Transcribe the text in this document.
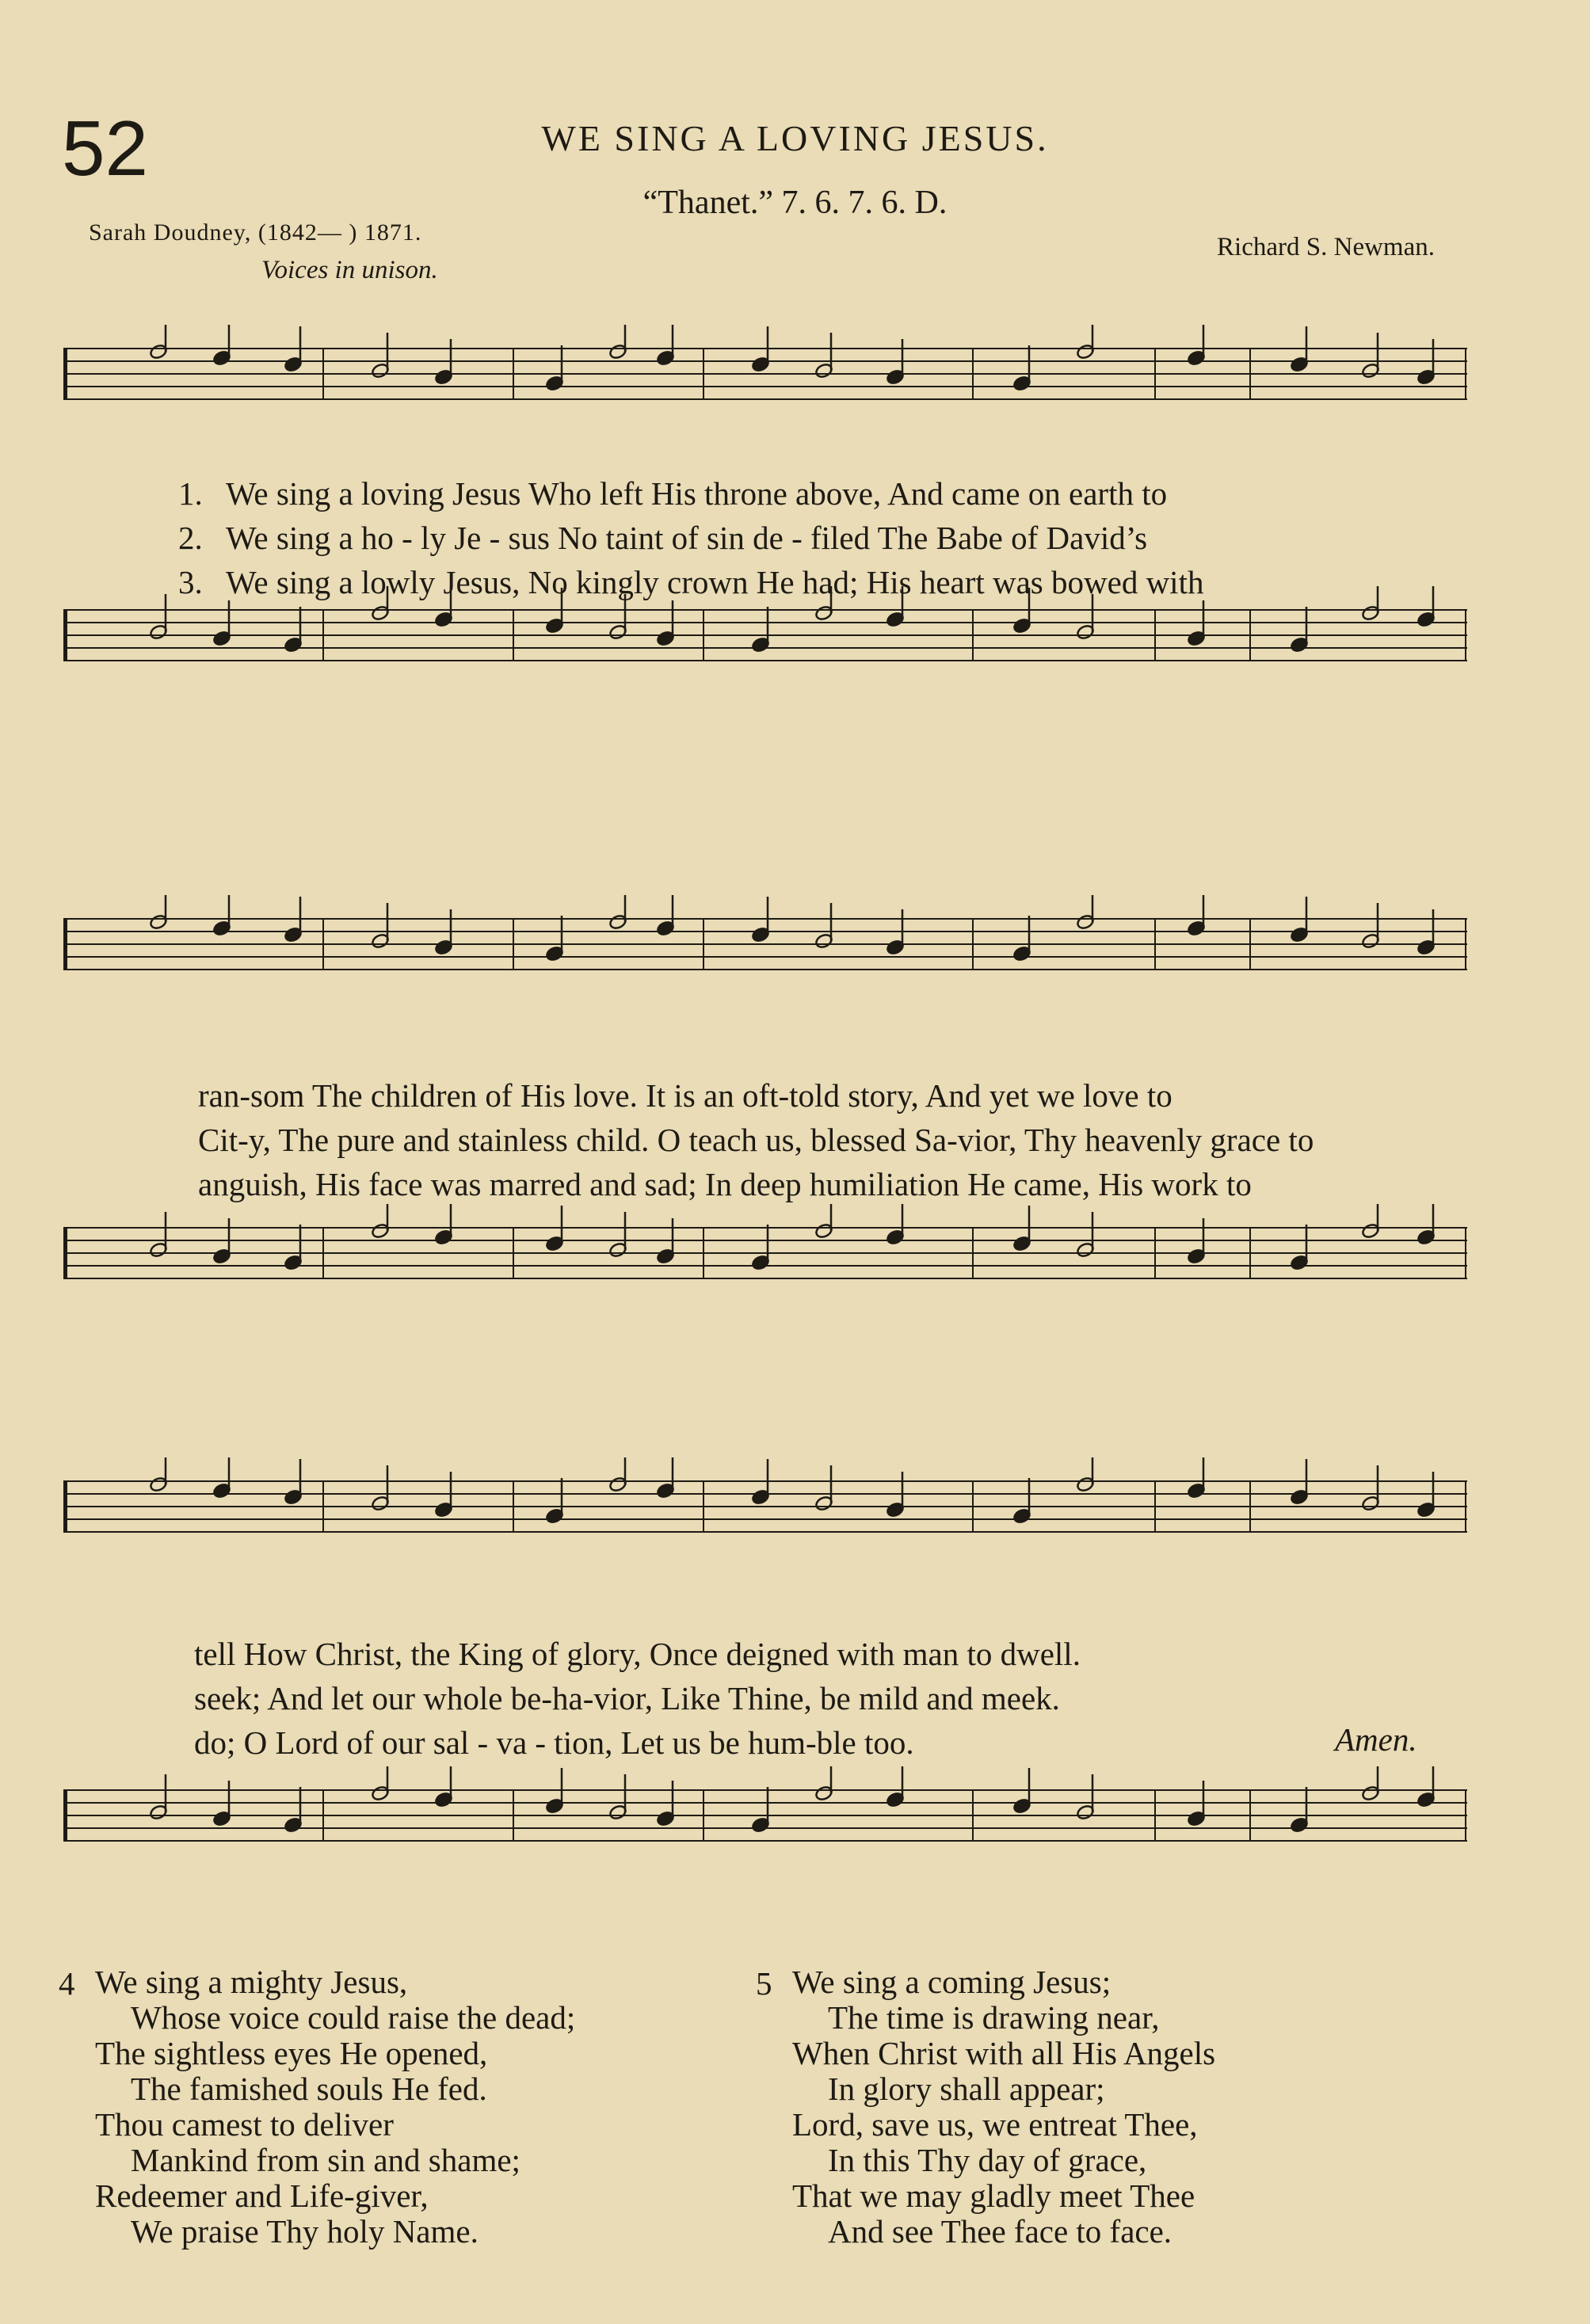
52	WE SING A LOVING JESUS.
“Thanet.” 7. 6. 7. 6. D.
Sarah Doudney, (1842— ) 1871.
Richard S. Newman.
Voices in unison.
1. We sing a loving Jesus Who left His throne above, And came on earth to
2. We sing a ho - ly Je - sus No taint of sin de - filed The Babe of David’s
3. We sing a lowly Jesus, No kingly crown He had; His heart was bowed with
ran-som The children of His love. It is an oft-told story, And yet we love to
Cit-y, The pure and stainless child. O teach us, blessed Sa-vior, Thy heavenly grace to
anguish, His face was marred and sad; In deep humiliation He came, His work to
tell How Christ, the King of glory, Once deigned with man to dwell.
seek; And let our whole be-ha-vior, Like Thine, be mild and meek.
do; O Lord of our sal - va - tion, Let us be hum-ble too.	Amen.
4 We sing a mighty Jesus,
Whose voice could raise the dead;
The sightless eyes He opened,
The famished souls He fed.
Thou camest to deliver
Mankind from sin and shame;
Redeemer and Life-giver,
We praise Thy holy Name.
5 We sing a coming Jesus;
The time is drawing near,
When Christ with all His Angels
In glory shall appear;
Lord, save us, we entreat Thee,
In this Thy day of grace,
That we may gladly meet Thee
And see Thee face to face.
